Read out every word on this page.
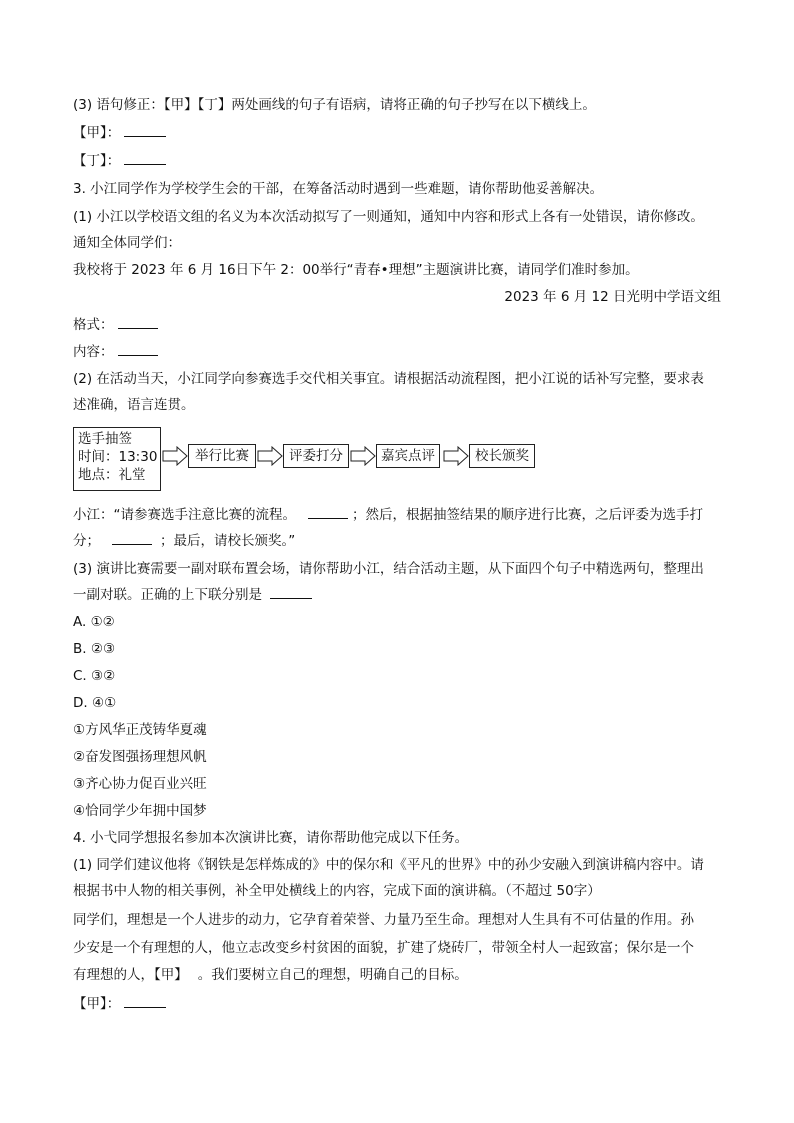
(3) 语句修正：【甲】【丁】两处画线的句子有语病，请将正确的句子抄写在以下横线上。
【甲】：
【丁】：
3. 小江同学作为学校学生会的干部，在筹备活动时遇到一些难题，请你帮助他妥善解决。
(1) 小江以学校语文组的名义为本次活动拟写了一则通知，通知中内容和形式上各有一处错误，请你修改。
通知全体同学们：
我校将于 2023 年 6 月 16日下午 2：00举行“青春•理想”主题演讲比赛，请同学们准时参加。
2023 年 6 月 12 日光明中学语文组
格式：
内容：
(2) 在活动当天，小江同学向参赛选手交代相关事宜。请根据活动流程图，把小江说的话补写完整，要求表
述准确，语言连贯。
选手抽签
时间：13:30
地点：礼堂
举行比赛	评委打分	嘉宾点评	校长颁奖
小江：“请参赛选手注意比赛的流程。	；然后，根据抽签结果的顺序进行比赛，之后评委为选手打
分；	；最后，请校长颁奖。”
(3) 演讲比赛需要一副对联布置会场，请你帮助小江，结合活动主题，从下面四个句子中精选两句，整理出
一副对联。正确的上下联分别是
A. ①②
B. ②③
C. ③②
D. ④①
①方风华正茂铸华夏魂
②奋发图强扬理想风帆
③齐心协力促百业兴旺
④恰同学少年拥中国梦
4. 小弋同学想报名参加本次演讲比赛，请你帮助他完成以下任务。
(1) 同学们建议他将《钢铁是怎样炼成的》中的保尔和《平凡的世界》中的孙少安融入到演讲稿内容中。请
根据书中人物的相关事例，补全甲处横线上的内容，完成下面的演讲稿。（不超过 50字）
同学们，理想是一个人进步的动力，它孕育着荣誉、力量乃至生命。理想对人生具有不可估量的作用。孙
少安是一个有理想的人，他立志改变乡村贫困的面貌，扩建了烧砖厂，带领全村人一起致富；保尔是一个
有理想的人，【甲】 。我们要树立自己的理想，明确自己的目标。
【甲】：
